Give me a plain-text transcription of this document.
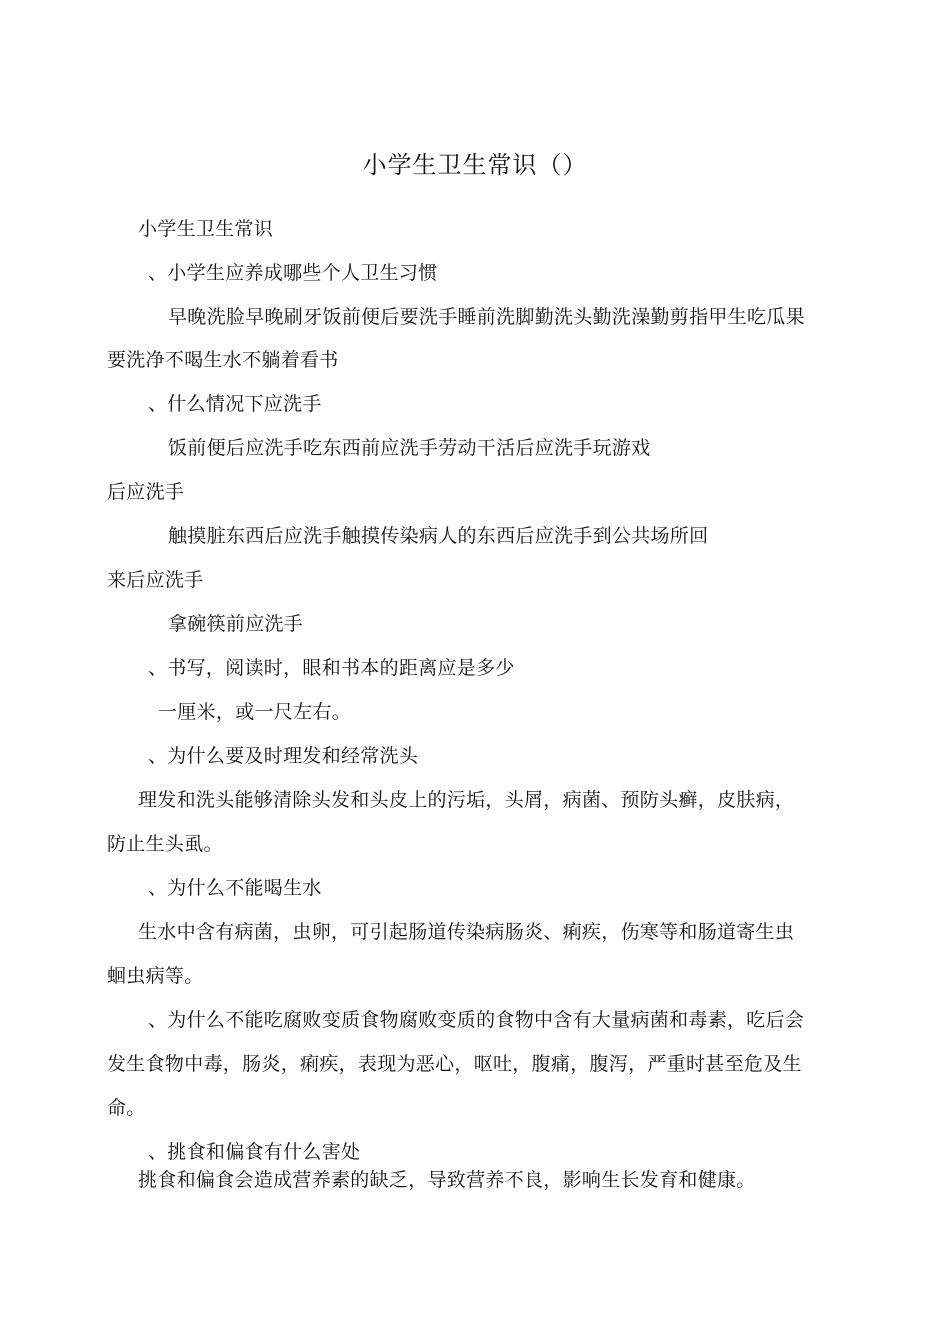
小学生卫生常识（）
小学生卫生常识
、小学生应养成哪些个人卫生习惯
早晚洗脸早晚刷牙饭前便后要洗手睡前洗脚勤洗头勤洗澡勤剪指甲生吃瓜果
要洗净不喝生水不躺着看书
、什么情况下应洗手
饭前便后应洗手吃东西前应洗手劳动干活后应洗手玩游戏
后应洗手
触摸脏东西后应洗手触摸传染病人的东西后应洗手到公共场所回
来后应洗手
拿碗筷前应洗手
、书写，阅读时，眼和书本的距离应是多少
一厘米，或一尺左右。
、为什么要及时理发和经常洗头
理发和洗头能够清除头发和头皮上的污垢，头屑，病菌、预防头癣，皮肤病，
防止生头虱。
、为什么不能喝生水
生水中含有病菌，虫卵，可引起肠道传染病肠炎、痢疾，伤寒等和肠道寄生虫
蛔虫病等。
、为什么不能吃腐败变质食物腐败变质的食物中含有大量病菌和毒素，吃后会
发生食物中毒，肠炎，痢疾，表现为恶心，呕吐，腹痛，腹泻，严重时甚至危及生
命。
、挑食和偏食有什么害处
挑食和偏食会造成营养素的缺乏，导致营养不良，影响生长发育和健康。
